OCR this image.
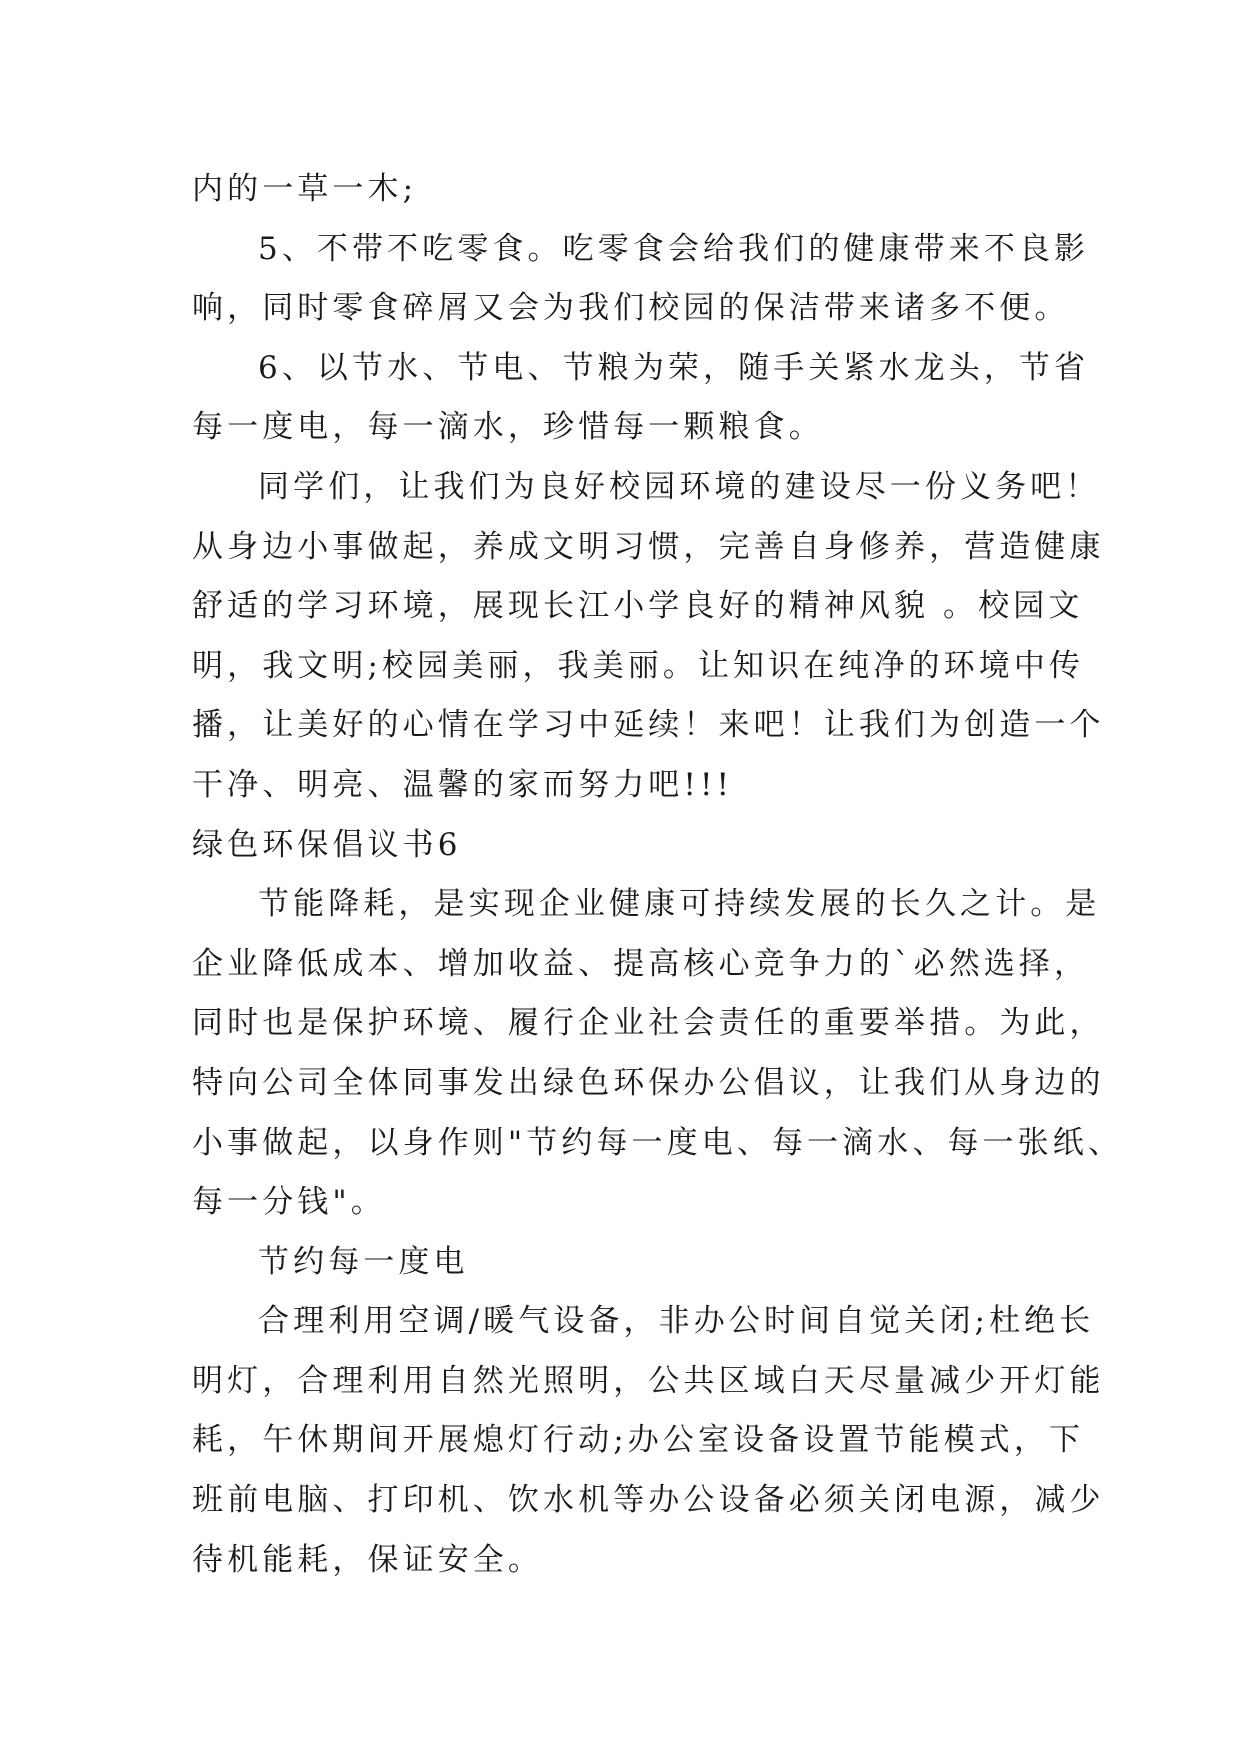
内的一草一木;
5、不带不吃零食。吃零食会给我们的健康带来不良影
响，同时零食碎屑又会为我们校园的保洁带来诸多不便。
6、以节水、节电、节粮为荣，随手关紧水龙头，节省
每一度电，每一滴水，珍惜每一颗粮食。
同学们，让我们为良好校园环境的建设尽一份义务吧！
从身边小事做起，养成文明习惯，完善自身修养，营造健康
舒适的学习环境，展现长江小学良好的精神风貌 。校园文
明，我文明;校园美丽，我美丽。让知识在纯净的环境中传
播，让美好的心情在学习中延续！来吧！让我们为创造一个
干净、明亮、温馨的家而努力吧!!!
绿色环保倡议书6
节能降耗，是实现企业健康可持续发展的长久之计。是
企业降低成本、增加收益、提高核心竞争力的`必然选择，
同时也是保护环境、履行企业社会责任的重要举措。为此，
特向公司全体同事发出绿色环保办公倡议，让我们从身边的
小事做起，以身作则"节约每一度电、每一滴水、每一张纸、
每一分钱"。
节约每一度电
合理利用空调/暖气设备，非办公时间自觉关闭;杜绝长
明灯，合理利用自然光照明，公共区域白天尽量减少开灯能
耗，午休期间开展熄灯行动;办公室设备设置节能模式，下
班前电脑、打印机、饮水机等办公设备必须关闭电源，减少
待机能耗，保证安全。
